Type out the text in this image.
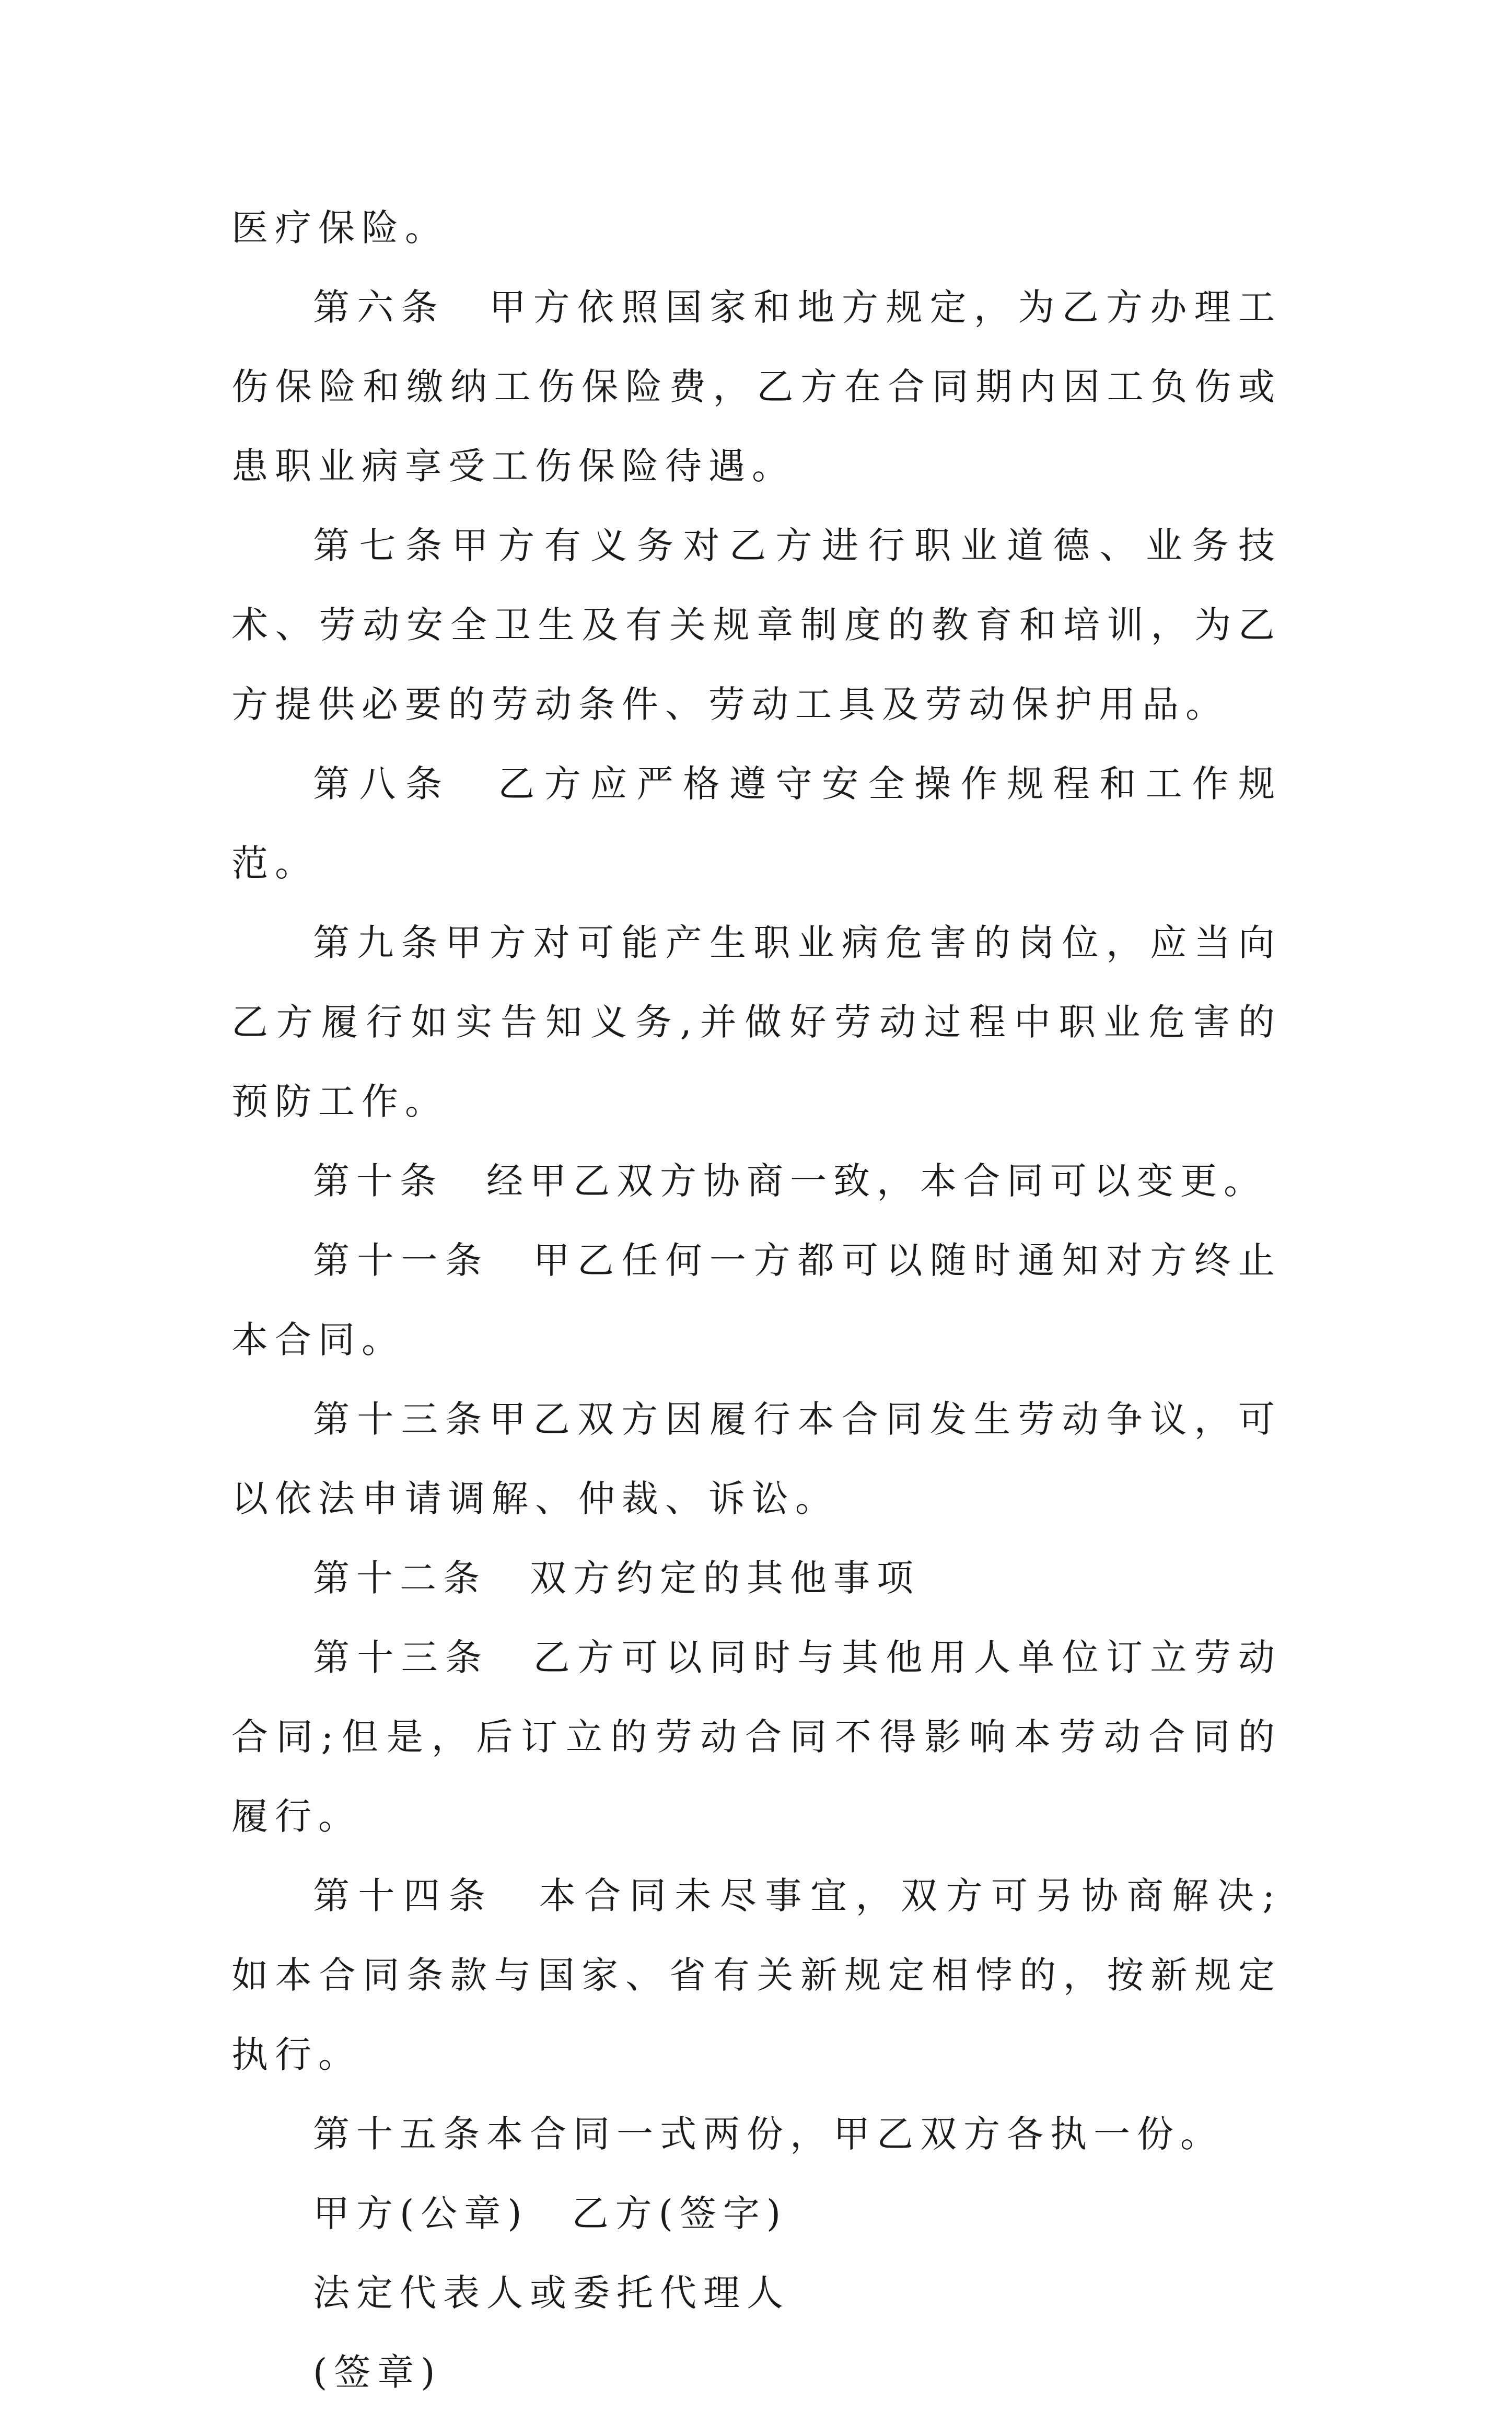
医疗保险。

第六条　甲方依照国家和地方规定，为乙方办理工伤保险和缴纳工伤保险费，乙方在合同期内因工负伤或患职业病享受工伤保险待遇。

第七条甲方有义务对乙方进行职业道德、业务技术、劳动安全卫生及有关规章制度的教育和培训，为乙方提供必要的劳动条件、劳动工具及劳动保护用品。

第八条　乙方应严格遵守安全操作规程和工作规范。

第九条甲方对可能产生职业病危害的岗位，应当向乙方履行如实告知义务,并做好劳动过程中职业危害的预防工作。

第十条　经甲乙双方协商一致，本合同可以变更。

第十一条　甲乙任何一方都可以随时通知对方终止本合同。

第十三条甲乙双方因履行本合同发生劳动争议，可以依法申请调解、仲裁、诉讼。

第十二条　双方约定的其他事项

第十三条　乙方可以同时与其他用人单位订立劳动合同;但是，后订立的劳动合同不得影响本劳动合同的履行。

第十四条　本合同未尽事宜，双方可另协商解决;如本合同条款与国家、省有关新规定相悖的，按新规定执行。

第十五条本合同一式两份，甲乙双方各执一份。

甲方(公章)　乙方(签字)

法定代表人或委托代理人

(签章)
